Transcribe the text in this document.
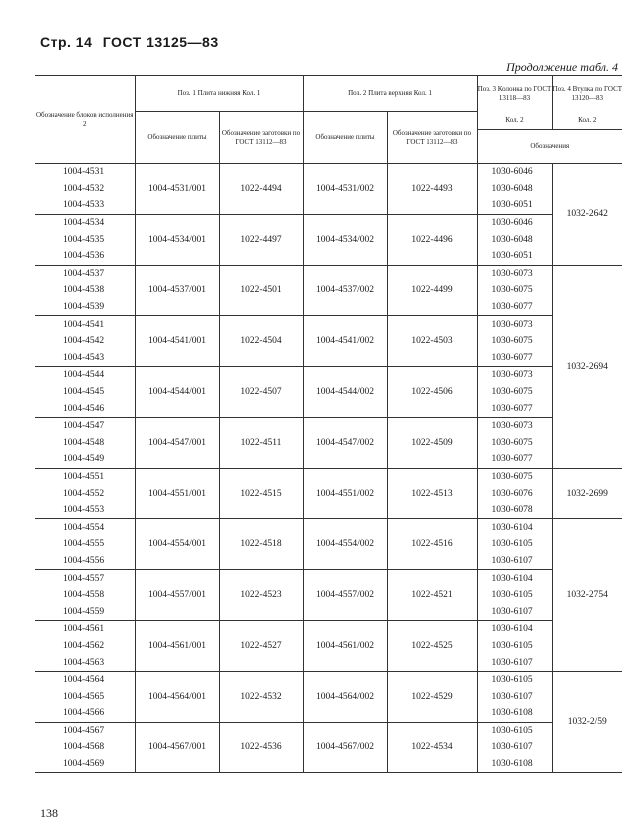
Стр. 14 ГОСТ 13125—83
Продолжение табл. 4
Обозначение блоков исполнения 2	Поз. 1 Плита нижняя Кол. 1		Поз. 2 Плита верхняя Кол. 1		Поз. 3 Колонка по ГОСТ 13118—83	Поз. 4 Втулка по ГОСТ 13120—83
	Обозначение плиты	Обозначение заготовки по ГОСТ 13112—83	Обозначение плиты	Обозначение заготовки по ГОСТ 13112—83	Кол. 2	Кол. 2
					Обозначения	
1004-4531	1004-4531/001	1022-4494	1004-4531/002	1022-4493	1030-6046	1032-2642
1004-4532					1030-6048	
1004-4533					1030-6051	
1004-4534	1004-4534/001	1022-4497	1004-4534/002	1022-4496	1030-6046	
1004-4535					1030-6048	
1004-4536					1030-6051	
1004-4537	1004-4537/001	1022-4501	1004-4537/002	1022-4499	1030-6073	1032-2694
1004-4538					1030-6075	
1004-4539					1030-6077	
1004-4541	1004-4541/001	1022-4504	1004-4541/002	1022-4503	1030-6073	
1004-4542					1030-6075	
1004-4543					1030-6077	
1004-4544	1004-4544/001	1022-4507	1004-4544/002	1022-4506	1030-6073	
1004-4545					1030-6075	
1004-4546					1030-6077	
1004-4547	1004-4547/001	1022-4511	1004-4547/002	1022-4509	1030-6073	
1004-4548					1030-6075	
1004-4549					1030-6077	
1004-4551	1004-4551/001	1022-4515	1004-4551/002	1022-4513	1030-6075	1032-2699
1004-4552					1030-6076	
1004-4553					1030-6078	
1004-4554	1004-4554/001	1022-4518	1004-4554/002	1022-4516	1030-6104	1032-2754
1004-4555					1030-6105	
1004-4556					1030-6107	
1004-4557	1004-4557/001	1022-4523	1004-4557/002	1022-4521	1030-6104	
1004-4558					1030-6105	
1004-4559					1030-6107	
1004-4561	1004-4561/001	1022-4527	1004-4561/002	1022-4525	1030-6104	
1004-4562					1030-6105	
1004-4563					1030-6107	
1004-4564	1004-4564/001	1022-4532	1004-4564/002	1022-4529	1030-6105	1032-2/59
1004-4565					1030-6107	
1004-4566					1030-6108	
1004-4567	1004-4567/001	1022-4536	1004-4567/002	1022-4534	1030-6105	
1004-4568					1030-6107	
1004-4569					1030-6108	
138
